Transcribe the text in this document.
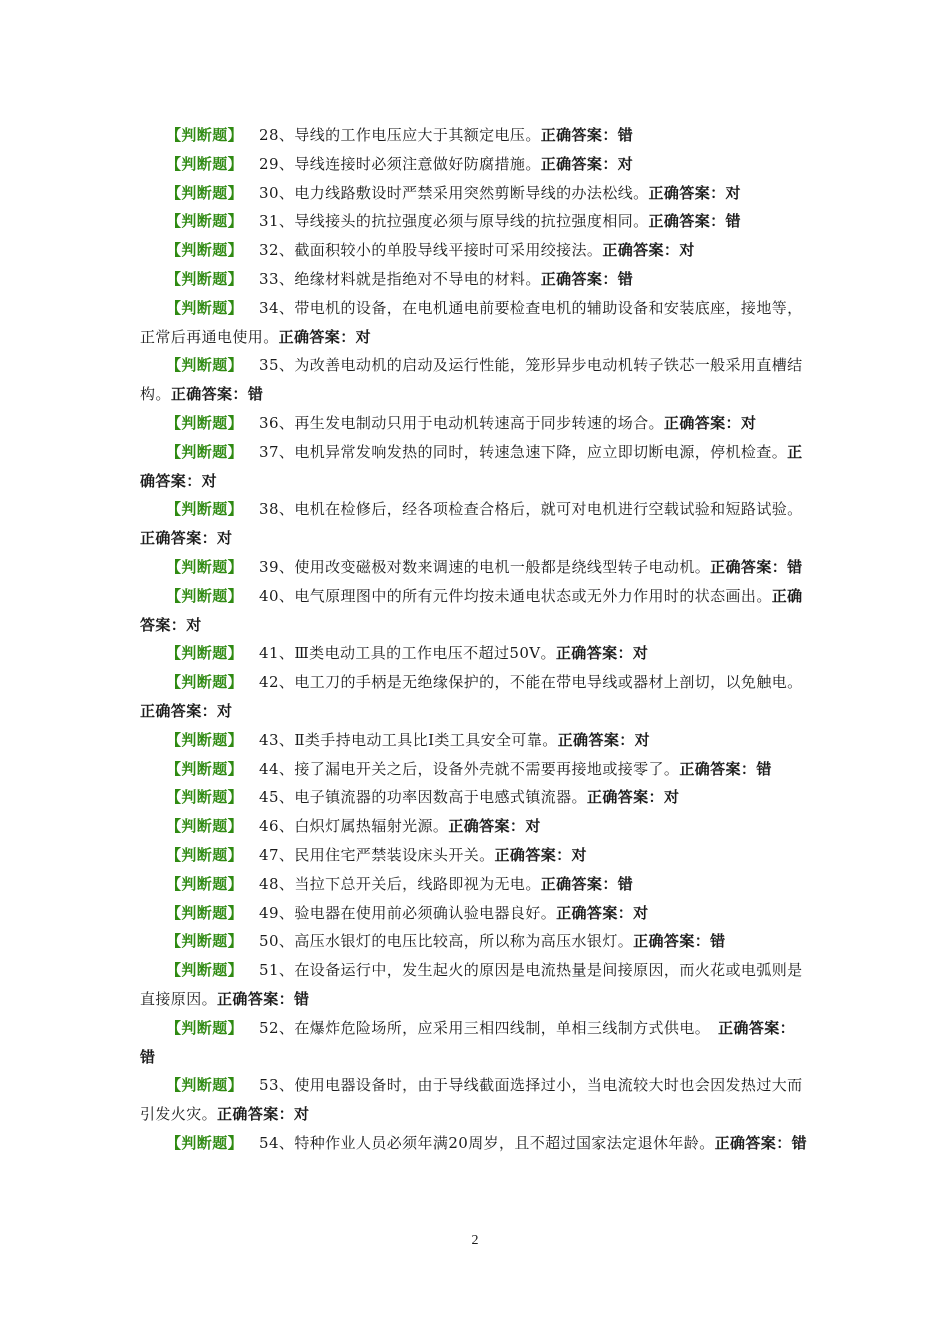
【判断题】 28、导线的工作电压应大于其额定电压。正确答案：错
【判断题】 29、导线连接时必须注意做好防腐措施。正确答案：对
【判断题】 30、电力线路敷设时严禁采用突然剪断导线的办法松线。正确答案：对
【判断题】 31、导线接头的抗拉强度必须与原导线的抗拉强度相同。正确答案：错
【判断题】 32、截面积较小的单股导线平接时可采用绞接法。正确答案：对
【判断题】 33、绝缘材料就是指绝对不导电的材料。正确答案：错
【判断题】 34、带电机的设备，在电机通电前要检查电机的辅助设备和安装底座，接地等，正常后再通电使用。正确答案：对
【判断题】 35、为改善电动机的启动及运行性能，笼形异步电动机转子铁芯一般采用直槽结构。正确答案：错
【判断题】 36、再生发电制动只用于电动机转速高于同步转速的场合。正确答案：对
【判断题】 37、电机异常发响发热的同时，转速急速下降，应立即切断电源，停机检查。正确答案：对
【判断题】 38、电机在检修后，经各项检查合格后，就可对电机进行空载试验和短路试验。正确答案：对
【判断题】 39、使用改变磁极对数来调速的电机一般都是绕线型转子电动机。正确答案：错
【判断题】 40、电气原理图中的所有元件均按未通电状态或无外力作用时的状态画出。正确答案：对
【判断题】 41、Ⅲ类电动工具的工作电压不超过50V。正确答案：对
【判断题】 42、电工刀的手柄是无绝缘保护的，不能在带电导线或器材上剖切，以免触电。正确答案：对
【判断题】 43、Ⅱ类手持电动工具比Ⅰ类工具安全可靠。正确答案：对
【判断题】 44、接了漏电开关之后，设备外壳就不需要再接地或接零了。正确答案：错
【判断题】 45、电子镇流器的功率因数高于电感式镇流器。正确答案：对
【判断题】 46、白炽灯属热辐射光源。正确答案：对
【判断题】 47、民用住宅严禁装设床头开关。正确答案：对
【判断题】 48、当拉下总开关后，线路即视为无电。正确答案：错
【判断题】 49、验电器在使用前必须确认验电器良好。正确答案：对
【判断题】 50、高压水银灯的电压比较高，所以称为高压水银灯。正确答案：错
【判断题】 51、在设备运行中，发生起火的原因是电流热量是间接原因，而火花或电弧则是直接原因。正确答案：错
【判断题】 52、在爆炸危险场所，应采用三相四线制，单相三线制方式供电。　正确答案：错
【判断题】 53、使用电器设备时，由于导线截面选择过小，当电流较大时也会因发热过大而引发火灾。正确答案：对
【判断题】 54、特种作业人员必须年满20周岁，且不超过国家法定退休年龄。正确答案：错
2
